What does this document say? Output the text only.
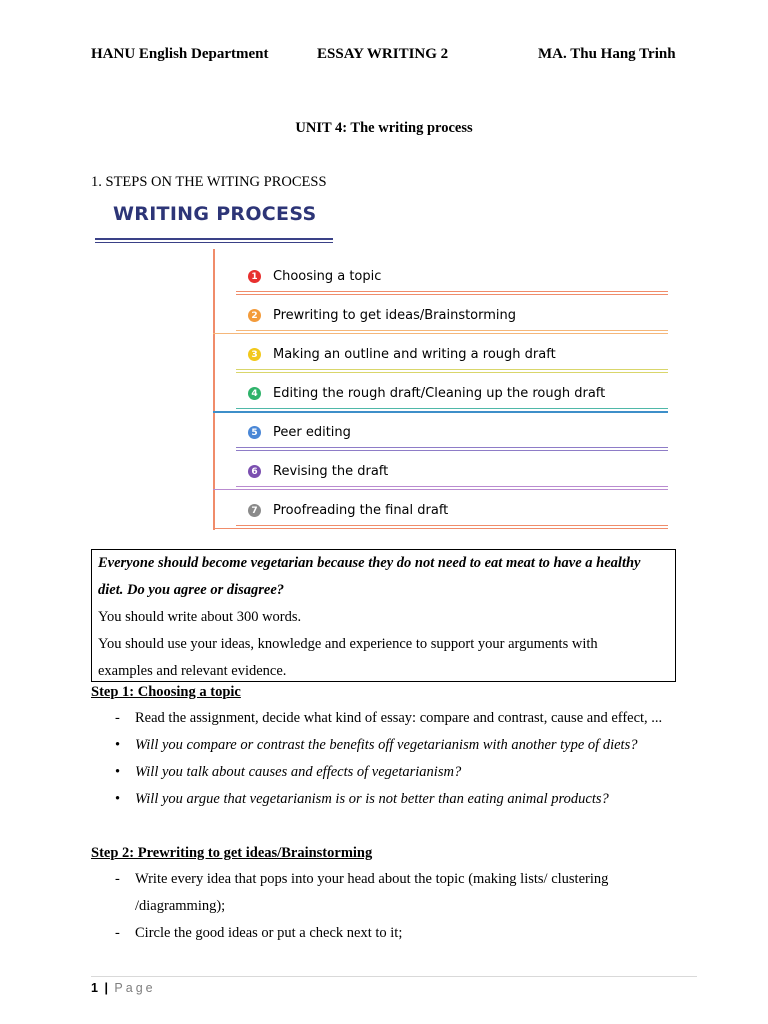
HANU English Department	ESSAY WRITING 2	MA. Thu Hang Trinh
UNIT 4: The writing process
1. STEPS ON THE WITING PROCESS
WRITING PROCESS
1 Choosing a topic
2 Prewriting to get ideas/Brainstorming
3 Making an outline and writing a rough draft
4 Editing the rough draft/Cleaning up the rough draft
5 Peer editing
6 Revising the draft
7 Proofreading the final draft
Everyone should become vegetarian because they do not need to eat meat to have a healthy
diet. Do you agree or disagree?
You should write about 300 words.
You should use your ideas, knowledge and experience to support your arguments with
examples and relevant evidence.
Step 1: Choosing a topic
-	Read the assignment, decide what kind of essay: compare and contrast, cause and effect, ...
•	Will you compare or contrast the benefits off vegetarianism with another type of diets?
•	Will you talk about causes and effects of vegetarianism?
•	Will you argue that vegetarianism is or is not better than eating animal products?
Step 2: Prewriting to get ideas/Brainstorming
-	Write every idea that pops into your head about the topic (making lists/ clustering
/diagramming);
-	Circle the good ideas or put a check next to it;
1 | Page
